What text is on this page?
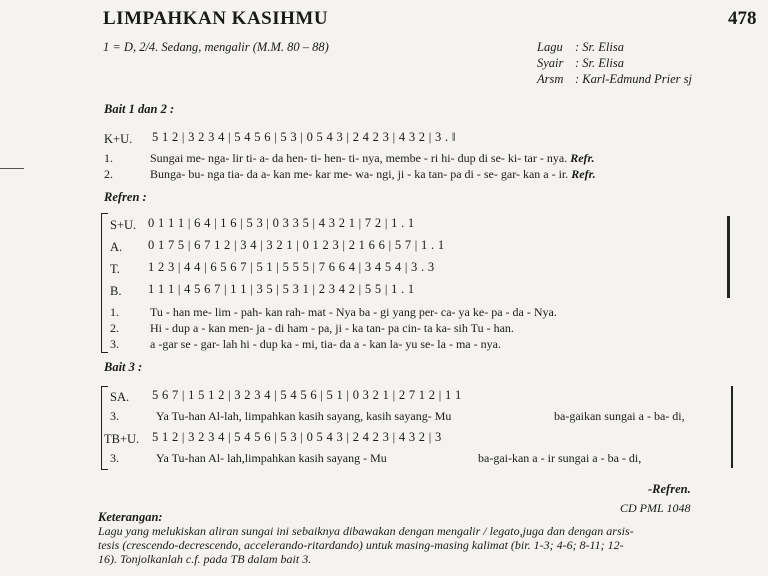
LIMPAHKAN KASIHMU	478
1 = D, 2/4. Sedang, mengalir (M.M. 80 – 88)	Lagu : Sr. Elisa
Syair : Sr. Elisa
Arsm : Karl-Edmund Prier sj
Bait 1 dan 2 :
K+U. 5 1 2 | 3 2 3 4 | 5 4 5 6 | 5 3 | 0 5 4 3 | 2 4 2 3 | 4 3 2 | 3 . ‖
1.	Sungai me- nga- lir ti- a- da hen- ti- hen- ti- nya, membe - ri hi- dup di se- ki- tar - nya. Refr.
2.	Bunga- bu- nga tia- da a- kan me- kar me- wa- ngi, ji - ka tan- pa di - se- gar- kan a - ir. Refr.
Refren :
S+U. 0 1 1 1 | 6 4 | 1 6 | 5 3 | 0 3 3 5 | 4 3 2 1 | 7 2 | 1 . 1
A. 0 1 7 5 | 6 7 1 2 | 3 4 | 3 2 1 | 0 1 2 3 | 2 1 6 6 | 5 7 | 1 . 1
T. 1 2 3 | 4 4 | 6 5 6 7 | 5 1 | 5 5 5 | 7 6 6 4 | 3 4 5 4 | 3 . 3
B. 1 1 1 | 4 5 6 7 | 1 1 | 3 5 | 5 3 1 | 2 3 4 2 | 5 5 | 1 . 1
1.	Tu - han me- lim - pah- kan rah- mat - Nya ba - gi yang per- ca- ya ke- pa - da - Nya.
2.	Hi - dup a - kan men- ja - di ham - pa, ji - ka tan- pa cin- ta ka- sih Tu - han.
3.	a -gar se - gar- lah hi - dup ka - mi, tia- da a - kan la- yu se- la - ma - nya.
Bait 3 :
SA. 5 6 7 | 1 5 1 2 | 3 2 3 4 | 5 4 5 6 | 5 1 | 0 3 2 1 | 2 7 1 2 | 1 1
3.	Ya Tu-han Al-lah, limpahkan kasih sayang, kasih sayang- Mu	ba-gaikan sungai a - ba- di,
TB+U. 5 1 2 | 3 2 3 4 | 5 4 5 6 | 5 3 | 0 5 4 3 | 2 4 2 3 | 4 3 2 | 3
3.	Ya Tu-han Al- lah,limpahkan kasih sayang - Mu	ba-gai-kan a - ir sungai a - ba - di,
-Refren.
CD PML 1048
Keterangan:
Lagu yang melukiskan aliran sungai ini sebaiknya dibawakan dengan mengalir / legato,juga dan dengan arsis-
tesis (crescendo-decrescendo, accelerando-ritardando) untuk masing-masing kalimat (bir. 1-3; 4-6; 8-11; 12-
16). Tonjolkanlah c.f. pada TB dalam bait 3.
